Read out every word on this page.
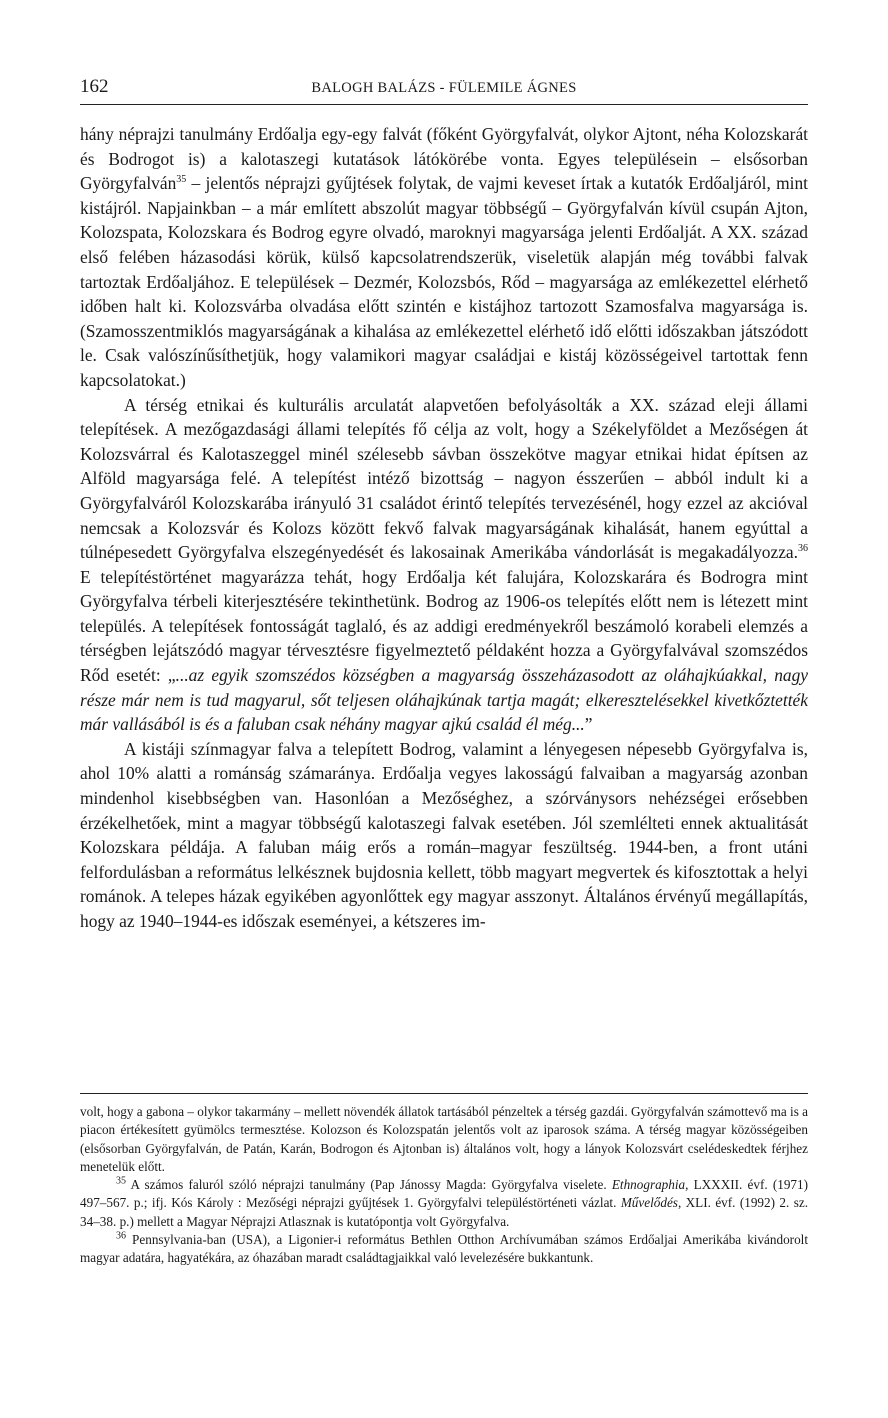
162	BALOGH BALÁZS - FÜLEMILE ÁGNES

hány néprajzi tanulmány Erdőalja egy-egy falvát (főként Györgyfalvát, olykor Ajtont, néha Kolozskarát és Bodrogot is) a kalotaszegi kutatások látókörébe vonta. Egyes településein – elsősorban Györgyfalván$^{35}$ – jelentős néprajzi gyűjtések folytak, de vajmi keveset írtak a kutatók Erdőaljáról, mint kistájról. Napjainkban – a már említett abszolút magyar többségű – Györgyfalván kívül csupán Ajton, Kolozspata, Kolozskara és Bodrog egyre olvadó, maroknyi magyarsága jelenti Erdőalját. A XX. század első felében házasodási körük, külső kapcsolatrendszerük, viseletük alapján még további falvak tartoztak Erdőaljához. E települések – Dezmér, Kolozsbós, Rőd – magyarsága az emlékezettel elérhető időben halt ki. Kolozsvárba olvadása előtt szintén e kistájhoz tartozott Szamosfalva magyarsága is. (Szamosszentmiklós magyarságának a kihalása az emlékezettel elérhető idő előtti időszakban játszódott le. Csak valószínűsíthetjük, hogy valamikori magyar családjai e kistáj közösségeivel tartottak fenn kapcsolatokat.)

A térség etnikai és kulturális arculatát alapvetően befolyásolták a XX. század eleji állami telepítések. A mezőgazdasági állami telepítés fő célja az volt, hogy a Székelyföldet a Mezőségen át Kolozsvárral és Kalotaszeggel minél szélesebb sávban összekötve magyar etnikai hidat építsen az Alföld magyarsága felé. A telepítést intéző bizottság – nagyon ésszerűen – abból indult ki a Györgyfalváról Kolozskarába irányuló 31 családot érintő telepítés tervezésénél, hogy ezzel az akcióval nemcsak a Kolozsvár és Kolozs között fekvő falvak magyarságának kihalását, hanem egyúttal a túlnépesedett Györgyfalva elszegényedését és lakosainak Amerikába vándorlását is megakadályozza.$^{36}$ E telepítéstörténet magyarázza tehát, hogy Erdőalja két falujára, Kolozskarára és Bodrogra mint Györgyfalva térbeli kiterjesztésére tekinthetünk. Bodrog az 1906-os telepítés előtt nem is létezett mint település. A telepítések fontosságát taglaló, és az addigi eredményekről beszámoló korabeli elemzés a térségben lejátszódó magyar térvesztésre figyelmeztető példaként hozza a Györgyfalvával szomszédos Rőd esetét: „...az egyik szomszédos községben a magyarság összeházasodott az oláhajkúakkal, nagy része már nem is tud magyarul, sőt teljesen oláhajkúnak tartja magát; elkeresztelésekkel kivetkőztették már vallásából is és a faluban csak néhány magyar ajkú család él még...”

A kistáji színmagyar falva a telepített Bodrog, valamint a lényegesen népesebb Györgyfalva is, ahol 10% alatti a románság számaránya. Erdőalja vegyes lakosságú falvaiban a magyarság azonban mindenhol kisebbségben van. Hasonlóan a Mezőséghez, a szórványsors nehézségei erősebben érzékelhetőek, mint a magyar többségű kalotaszegi falvak esetében. Jól szemlélteti ennek aktualitását Kolozskara példája. A faluban máig erős a román–magyar feszültség. 1944-ben, a front utáni felfordulásban a református lelkésznek bujdosnia kellett, több magyart megvertek és kifosztottak a helyi románok. A telepes házak egyikében agyonlőttek egy magyar asszonyt. Általános érvényű megállapítás, hogy az 1940–1944-es időszak eseményei, a kétszeres im-

volt, hogy a gabona – olykor takarmány – mellett növendék állatok tartásából pénzeltek a térség gazdái. Györgyfalván számottevő ma is a piacon értékesített gyümölcs termesztése. Kolozson és Kolozspatán jelentős volt az iparosok száma. A térség magyar közösségeiben (elsősorban Györgyfalván, de Patán, Karán, Bodrogon és Ajtonban is) általános volt, hogy a lányok Kolozsvárt cselédeskedtek férjhez menetelük előtt.

$^{35}$ A számos faluról szóló néprajzi tanulmány (Pap Jánossy Magda: Györgyfalva viselete. Ethnographia, LXXXII. évf. (1971) 497–567. p.; ifj. Kós Károly : Mezőségi néprajzi gyűjtések 1. Györgyfalvi településtörténeti vázlat. Művelődés, XLI. évf. (1992) 2. sz. 34–38. p.) mellett a Magyar Néprajzi Atlasznak is kutatópontja volt Györgyfalva.

$^{36}$ Pennsylvania-ban (USA), a Ligonier-i református Bethlen Otthon Archívumában számos Erdőaljai Amerikába kivándorolt magyar adatára, hagyatékára, az óhazában maradt családtagjaikkal való levelezésére bukkantunk.
